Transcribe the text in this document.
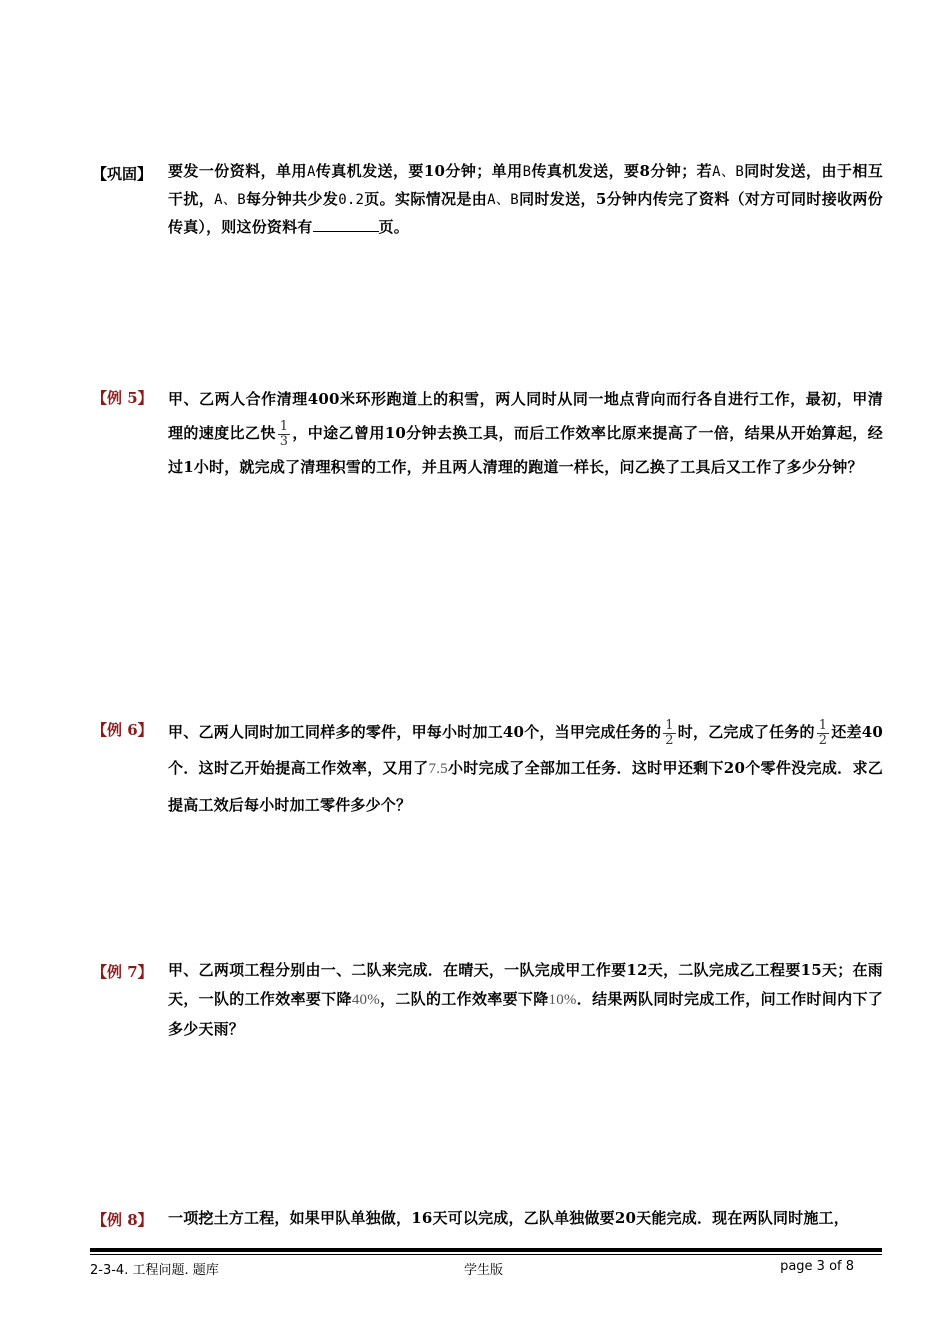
【巩固】 要发一份资料，单用A传真机发送，要10分钟；单用B传真机发送，要8分钟；若A、B同时发送，由于相互干扰，A、B每分钟共少发0.2页。实际情况是由A、B同时发送，5分钟内传完了资料（对方可同时接收两份传真），则这份资料有	页。
【例 5】 甲、乙两人合作清理400米环形跑道上的积雪，两人同时从同一地点背向而行各自进行工作，最初，甲清理的速度比乙快 $\frac{1}{3}$ ，中途乙曾用10分钟去换工具，而后工作效率比原来提高了一倍，结果从开始算起，经过1小时，就完成了清理积雪的工作，并且两人清理的跑道一样长，问乙换了工具后又工作了多少分钟？
【例 6】 甲、乙两人同时加工同样多的零件，甲每小时加工40个，当甲完成任务的 $\frac{1}{2}$ 时，乙完成了任务的 $\frac{1}{2}$ 还差40个．这时乙开始提高工作效率，又用了7.5小时完成了全部加工任务．这时甲还剩下20个零件没完成．求乙提高工效后每小时加工零件多少个？
【例 7】 甲、乙两项工程分别由一、二队来完成．在晴天，一队完成甲工作要12天，二队完成乙工程要15天；在雨天，一队的工作效率要下降40%，二队的工作效率要下降10%．结果两队同时完成工作，问工作时间内下了多少天雨？
【例 8】 一项挖土方工程，如果甲队单独做，16天可以完成，乙队单独做要20天能完成．现在两队同时施工，
2-3-4. 工程问题. 题库	学生版	page 3 of 8
